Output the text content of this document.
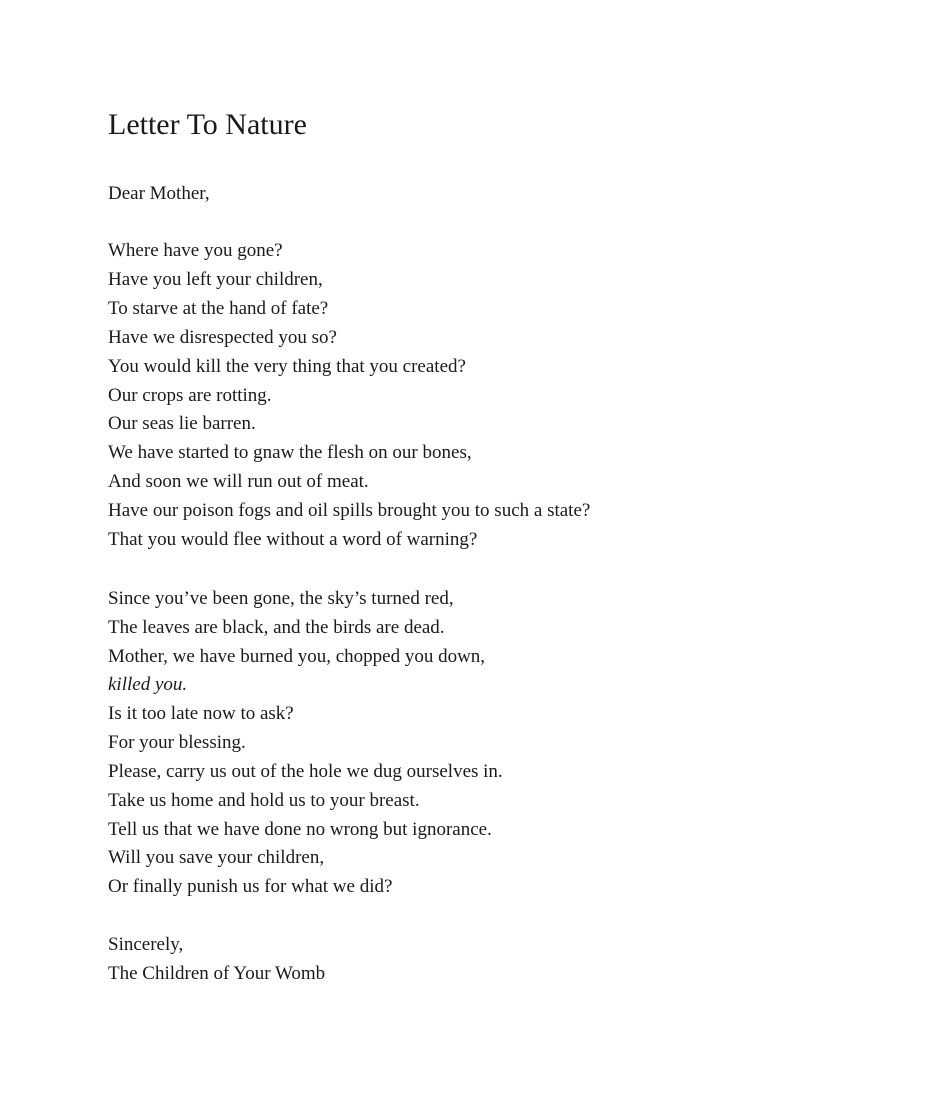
Letter To Nature

Dear Mother,

Where have you gone?

Have you left your children,

To starve at the hand of fate?

Have we disrespected you so?

You would kill the very thing that you created?

Our crops are rotting.

Our seas lie barren.

We have started to gnaw the flesh on our bones,

And soon we will run out of meat.

Have our poison fogs and oil spills brought you to such a state?

That you would flee without a word of warning?

Since you’ve been gone, the sky’s turned red,

The leaves are black, and the birds are dead.

Mother, we have burned you, chopped you down,

killed you.

Is it too late now to ask?

For your blessing.

Please, carry us out of the hole we dug ourselves in.

Take us home and hold us to your breast.

Tell us that we have done no wrong but ignorance.

Will you save your children,

Or finally punish us for what we did?

Sincerely,

The Children of Your Womb
